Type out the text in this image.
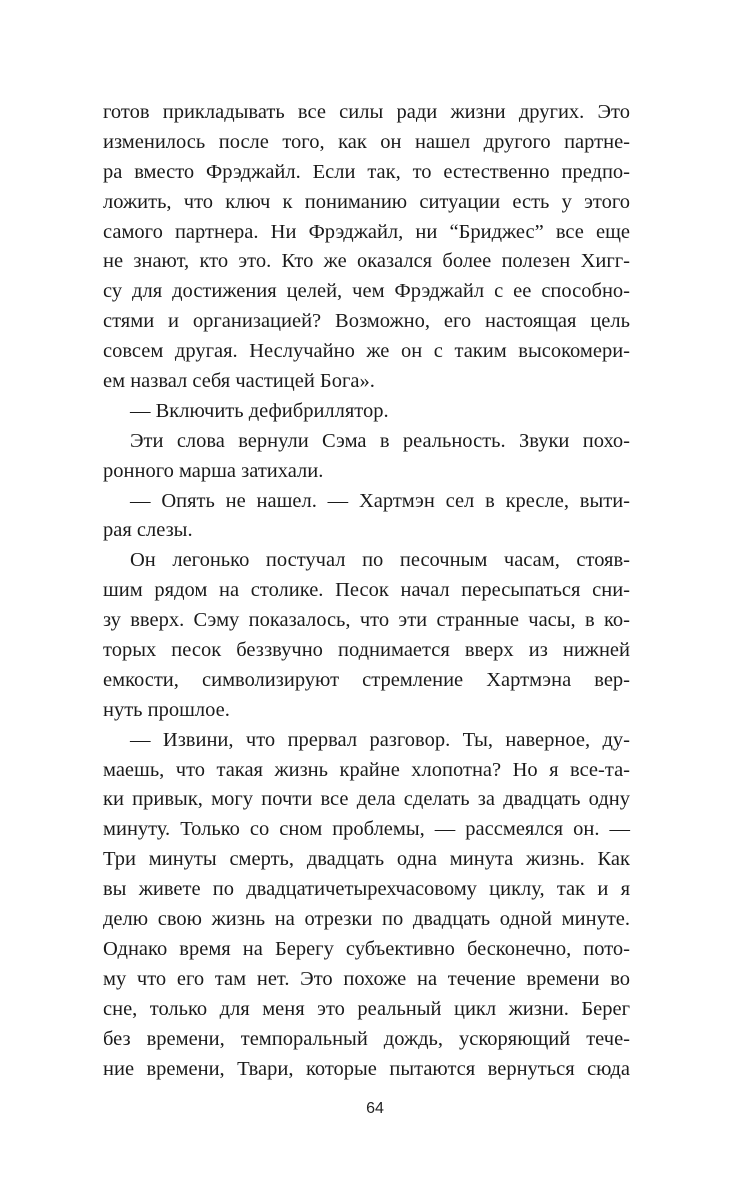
готов прикладывать все силы ради жизни других. Это
изменилось после того, как он нашел другого партне-
ра вместо Фрэджайл. Если так, то естественно предпо-
ложить, что ключ к пониманию ситуации есть у этого
самого партнера. Ни Фрэджайл, ни “Бриджес” все еще
не знают, кто это. Кто же оказался более полезен Хигг-
су для достижения целей, чем Фрэджайл с ее способно-
стями и организацией? Возможно, его настоящая цель
совсем другая. Неслучайно же он с таким высокомери-
ем назвал себя частицей Бога».
— Включить дефибриллятор.
Эти слова вернули Сэма в реальность. Звуки похо-
ронного марша затихали.
— Опять не нашел. — Хартмэн сел в кресле, выти-
рая слезы.
Он легонько постучал по песочным часам, стояв-
шим рядом на столике. Песок начал пересыпаться сни-
зу вверх. Сэму показалось, что эти странные часы, в ко-
торых песок беззвучно поднимается вверх из нижней
емкости, символизируют стремление Хартмэна вер-
нуть прошлое.
— Извини, что прервал разговор. Ты, наверное, ду-
маешь, что такая жизнь крайне хлопотна? Но я все-та-
ки привык, могу почти все дела сделать за двадцать одну
минуту. Только со сном проблемы, — рассмеялся он. —
Три минуты смерть, двадцать одна минута жизнь. Как
вы живете по двадцатичетырехчасовому циклу, так и я
делю свою жизнь на отрезки по двадцать одной минуте.
Однако время на Берегу субъективно бесконечно, пото-
му что его там нет. Это похоже на течение времени во
сне, только для меня это реальный цикл жизни. Берег
без времени, темпоральный дождь, ускоряющий тече-
ние времени, Твари, которые пытаются вернуться сюда
64
